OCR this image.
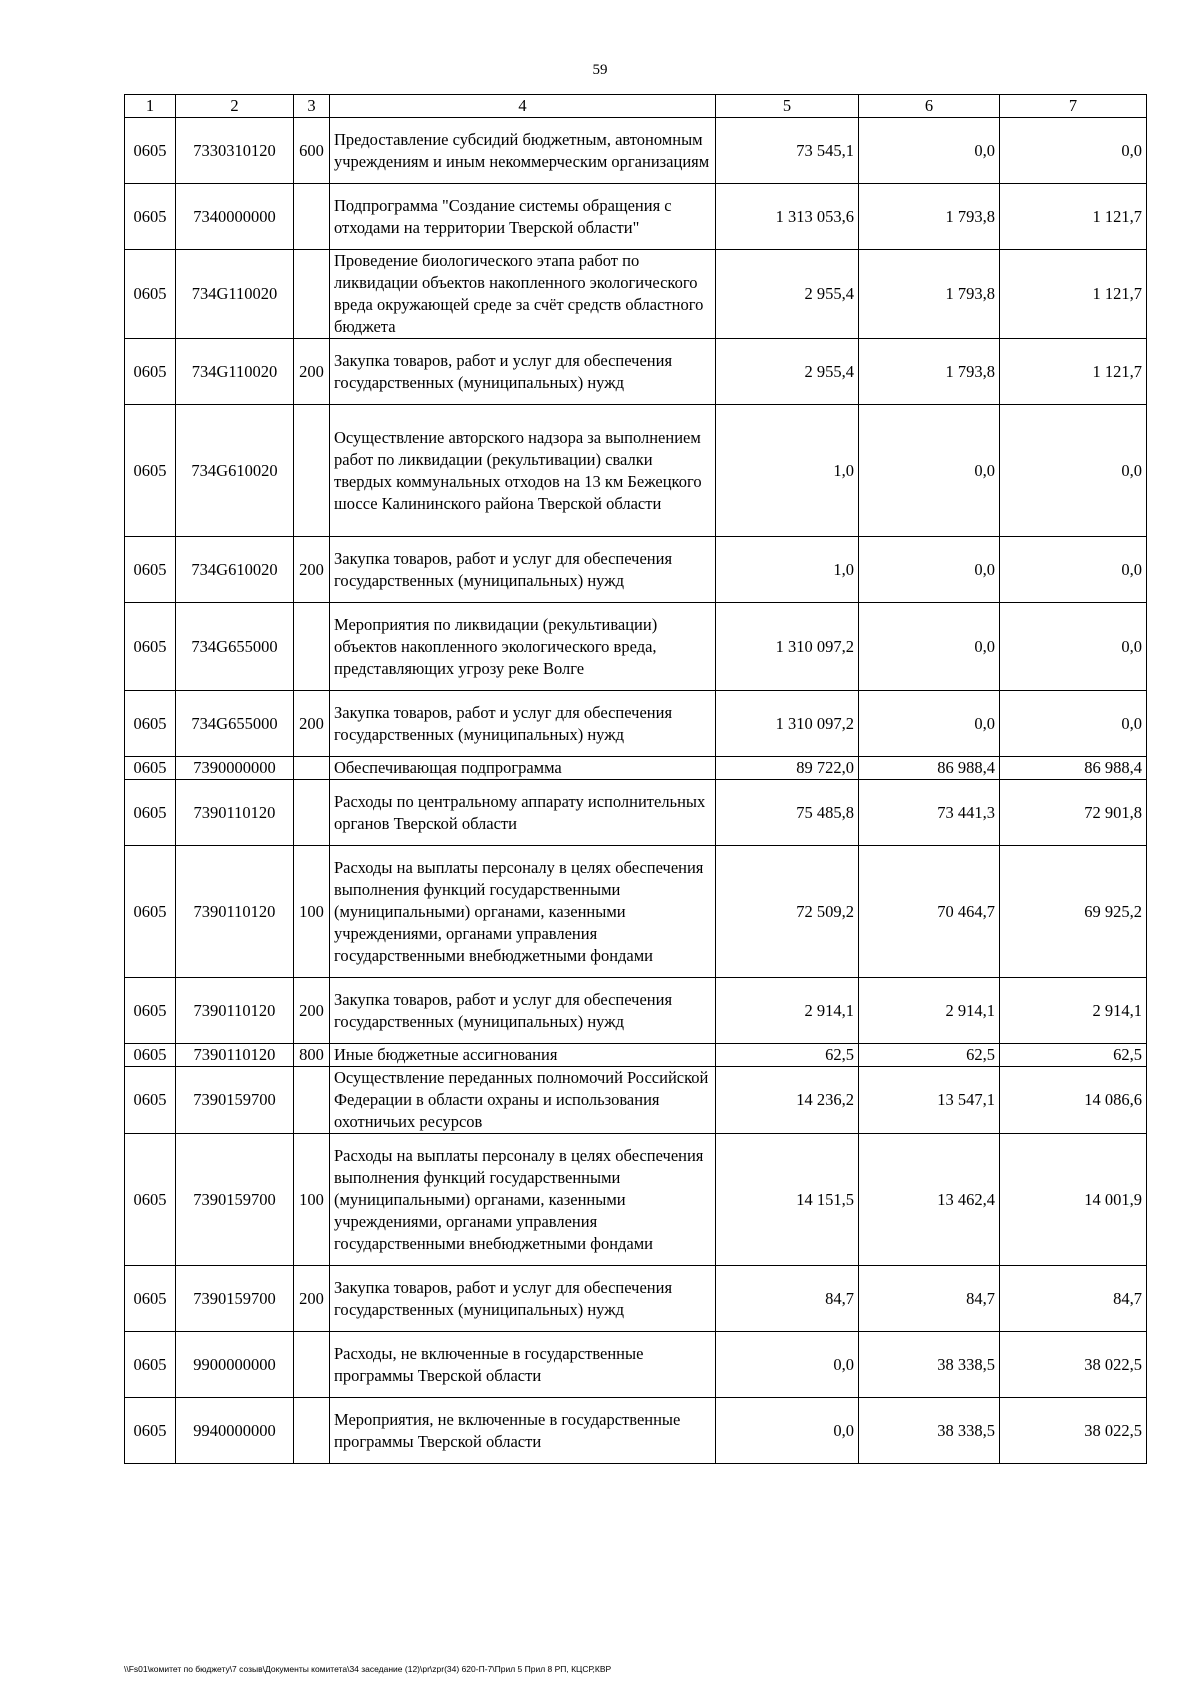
59
1	2	3	4	5	6	7
0605	7330310120	600	Предоставление субсидий бюджетным, автономным учреждениям и иным некоммерческим организациям	73 545,1	0,0	0,0
0605	7340000000		Подпрограмма "Создание системы обращения с отходами на территории Тверской области"	1 313 053,6	1 793,8	1 121,7
0605	734G110020		Проведение биологического этапа работ по ликвидации объектов накопленного экологического вреда окружающей среде за счёт средств областного бюджета	2 955,4	1 793,8	1 121,7
0605	734G110020	200	Закупка товаров, работ и услуг для обеспечения государственных (муниципальных) нужд	2 955,4	1 793,8	1 121,7
0605	734G610020		Осуществление авторского надзора за выполнением работ по ликвидации (рекультивации) свалки твердых коммунальных отходов на 13 км Бежецкого шоссе Калининского района Тверской области	1,0	0,0	0,0
0605	734G610020	200	Закупка товаров, работ и услуг для обеспечения государственных (муниципальных) нужд	1,0	0,0	0,0
0605	734G655000		Мероприятия по ликвидации (рекультивации) объектов накопленного экологического вреда, представляющих угрозу реке Волге	1 310 097,2	0,0	0,0
0605	734G655000	200	Закупка товаров, работ и услуг для обеспечения государственных (муниципальных) нужд	1 310 097,2	0,0	0,0
0605	7390000000		Обеспечивающая подпрограмма	89 722,0	86 988,4	86 988,4
0605	7390110120		Расходы по центральному аппарату исполнительных органов Тверской области	75 485,8	73 441,3	72 901,8
0605	7390110120	100	Расходы на выплаты персоналу в целях обеспечения выполнения функций государственными (муниципальными) органами, казенными учреждениями, органами управления государственными внебюджетными фондами	72 509,2	70 464,7	69 925,2
0605	7390110120	200	Закупка товаров, работ и услуг для обеспечения государственных (муниципальных) нужд	2 914,1	2 914,1	2 914,1
0605	7390110120	800	Иные бюджетные ассигнования	62,5	62,5	62,5
0605	7390159700		Осуществление переданных полномочий Российской Федерации в области охраны и использования охотничьих ресурсов	14 236,2	13 547,1	14 086,6
0605	7390159700	100	Расходы на выплаты персоналу в целях обеспечения выполнения функций государственными (муниципальными) органами, казенными учреждениями, органами управления государственными внебюджетными фондами	14 151,5	13 462,4	14 001,9
0605	7390159700	200	Закупка товаров, работ и услуг для обеспечения государственных (муниципальных) нужд	84,7	84,7	84,7
0605	9900000000		Расходы, не включенные в государственные программы Тверской области	0,0	38 338,5	38 022,5
0605	9940000000		Мероприятия, не включенные в государственные программы Тверской области	0,0	38 338,5	38 022,5
\\Fs01\комитет по бюджету\7 созыв\Документы комитета\34 заседание (12)\pr\zpr(34) 620-П-7\Прил 5 Прил 8 РП, КЦСР,КВР
